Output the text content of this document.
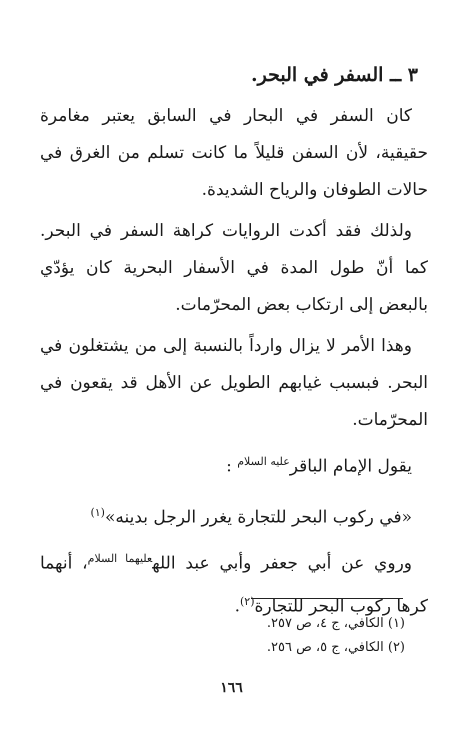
٣ ــ السفر في البحر.

كان السفر في البحار في السابق يعتبر مغامرة حقيقية، لأن السفن قليلاً ما كانت تسلم من الغرق في حالات الطوفان والرياح الشديدة.

ولذلك فقد أكدت الروايات كراهة السفر في البحر. كما أنّ طول المدة في الأسفار البحرية كان يؤدّي بالبعض إلى ارتكاب بعض المحرّمات.

وهذا الأمر لا يزال وارداً بالنسبة إلى من يشتغلون في البحر. فبسبب غيابهم الطويل عن الأهل قد يقعون في المحرّمات.

يقول الإمام الباقر$^{عليه السلام}$ :

«في ركوب البحر للتجارة يغرر الرجل بدينه»$^{(١)}$

وروي عن أبي جعفر وأبي عبد الله$^{عليهما السلام}$، أنهما كرها ركوب البحر للتجارة$^{(٢)}$.

(١) الكافي، ج ٤، ص ٢٥٧.
(٢) الكافي، ج ٥، ص ٢٥٦.
١٦٦
